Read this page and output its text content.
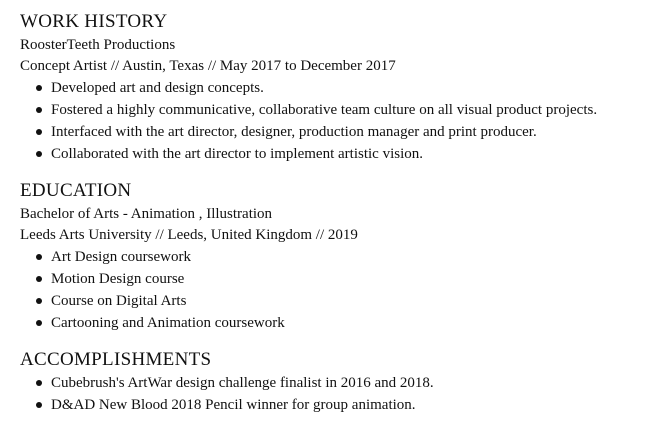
WORK HISTORY

RoosterTeeth Productions

Concept Artist // Austin, Texas // May 2017 to December 2017

Developed art and design concepts.
Fostered a highly communicative, collaborative team culture on all visual product projects.
Interfaced with the art director, designer, production manager and print producer.
Collaborated with the art director to implement artistic vision.
EDUCATION

Bachelor of Arts - Animation , Illustration

Leeds Arts University // Leeds, United Kingdom // 2019

Art Design coursework
Motion Design course
Course on Digital Arts
Cartooning and Animation coursework
ACCOMPLISHMENTS
Cubebrush's ArtWar design challenge finalist in 2016 and 2018.
D&AD New Blood 2018 Pencil winner for group animation.
